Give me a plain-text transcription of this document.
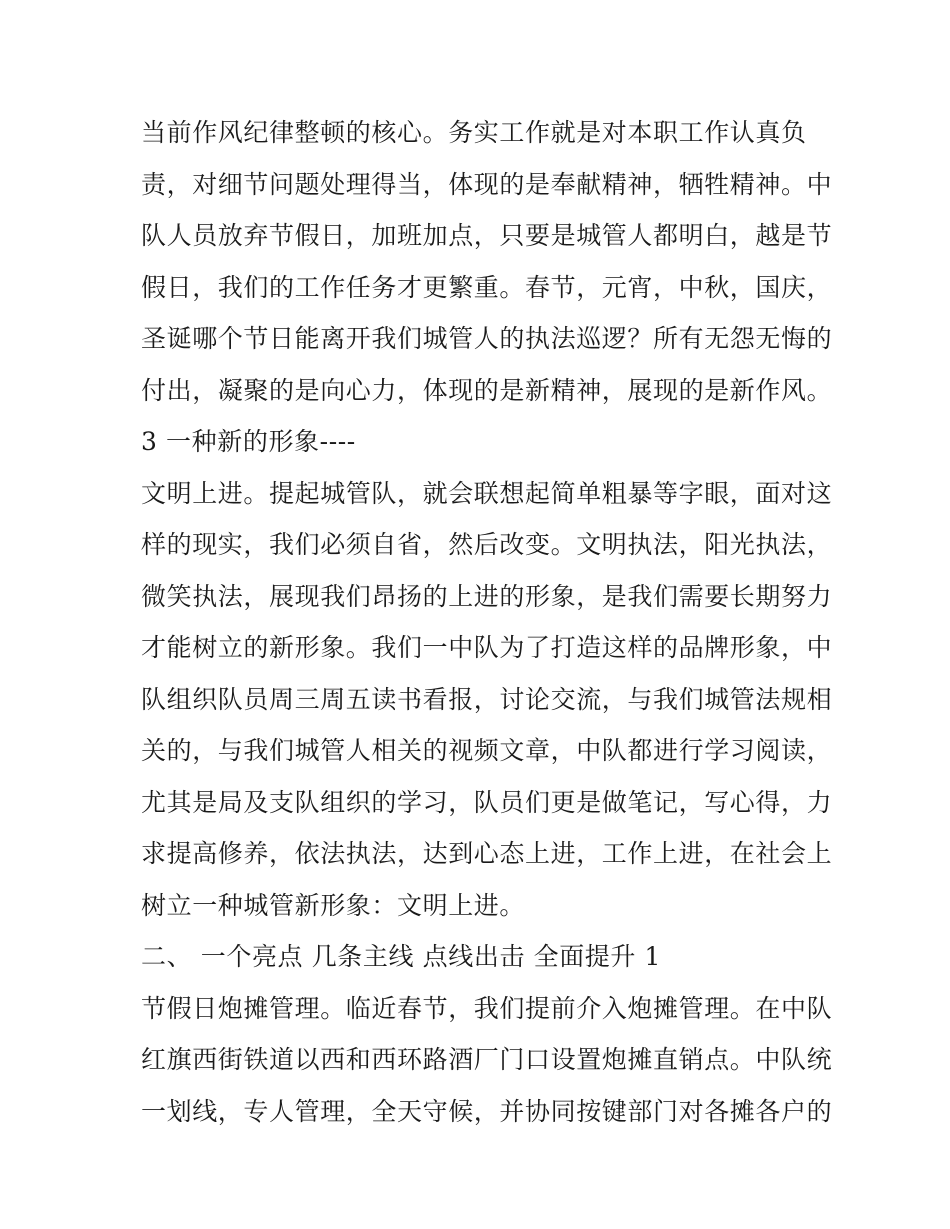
当前作风纪律整顿的核心。务实工作就是对本职工作认真负
责，对细节问题处理得当，体现的是奉献精神，牺牲精神。中
队人员放弃节假日，加班加点，只要是城管人都明白，越是节
假日，我们的工作任务才更繁重。春节，元宵，中秋，国庆，
圣诞哪个节日能离开我们城管人的执法巡逻？所有无怨无悔的
付出，凝聚的是向心力，体现的是新精神，展现的是新作风。
3 一种新的形象----
文明上进。提起城管队，就会联想起简单粗暴等字眼，面对这
样的现实，我们必须自省，然后改变。文明执法，阳光执法，
微笑执法，展现我们昂扬的上进的形象，是我们需要长期努力
才能树立的新形象。我们一中队为了打造这样的品牌形象，中
队组织队员周三周五读书看报，讨论交流，与我们城管法规相
关的，与我们城管人相关的视频文章，中队都进行学习阅读，
尤其是局及支队组织的学习，队员们更是做笔记，写心得，力
求提高修养，依法执法，达到心态上进，工作上进，在社会上
树立一种城管新形象：文明上进。
二、 一个亮点 几条主线 点线出击 全面提升 1
节假日炮摊管理。临近春节，我们提前介入炮摊管理。在中队
红旗西街铁道以西和西环路酒厂门口设置炮摊直销点。中队统
一划线，专人管理，全天守候，并协同按键部门对各摊各户的
